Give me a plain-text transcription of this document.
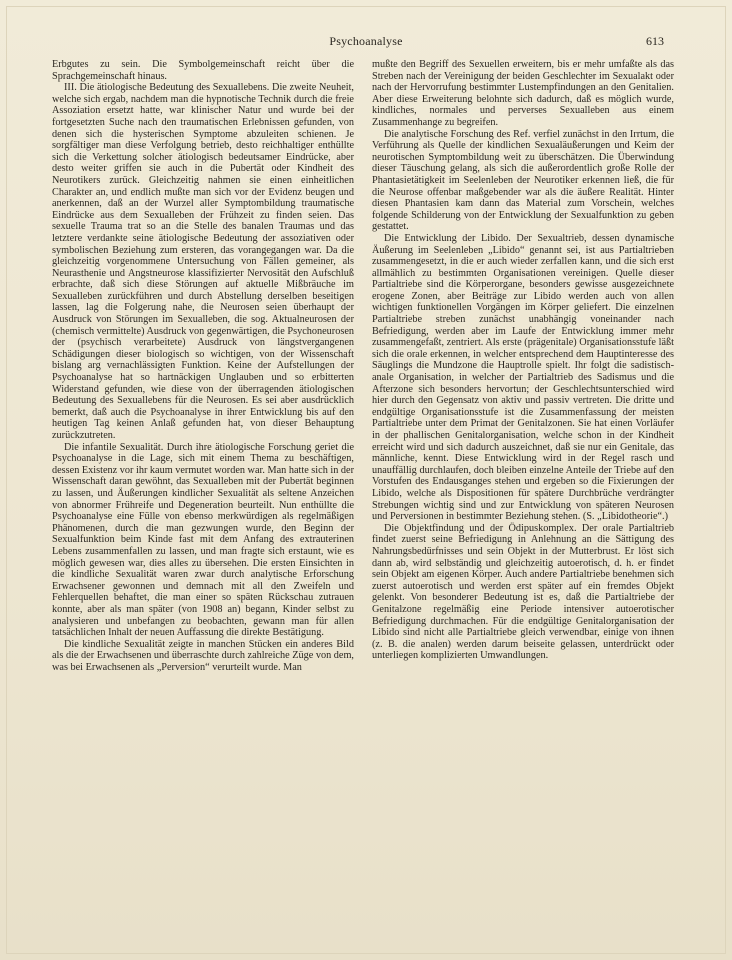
Psychoanalyse	613

Erbgutes zu sein. Die Symbolgemeinschaft reicht über die Sprachgemeinschaft hinaus.

III. Die ätiologische Bedeutung des Sexuallebens. Die zweite Neuheit, welche sich ergab, nachdem man die hypnotische Technik durch die freie Assoziation ersetzt hatte, war klinischer Natur und wurde bei der fortgesetzten Suche nach den traumatischen Erlebnissen gefunden, von denen sich die hysterischen Symptome abzuleiten schienen. Je sorgfältiger man diese Verfolgung betrieb, desto reichhaltiger enthüllte sich die Verkettung solcher ätiologisch bedeutsamer Eindrücke, aber desto weiter griffen sie auch in die Pubertät oder Kindheit des Neurotikers zurück. Gleichzeitig nahmen sie einen einheitlichen Charakter an, und endlich mußte man sich vor der Evidenz beugen und anerkennen, daß an der Wurzel aller Symptombildung traumatische Eindrücke aus dem Sexualleben der Frühzeit zu finden seien. Das sexuelle Trauma trat so an die Stelle des banalen Traumas und das letztere verdankte seine ätiologische Bedeutung der assoziativen oder symbolischen Beziehung zum ersteren, das vorangegangen war. Da die gleichzeitig vorgenommene Untersuchung von Fällen gemeiner, als Neurasthenie und Angstneurose klassifizierter Nervosität den Aufschluß erbrachte, daß sich diese Störungen auf aktuelle Mißbräuche im Sexualleben zurückführen und durch Abstellung derselben beseitigen lassen, lag die Folgerung nahe, die Neurosen seien überhaupt der Ausdruck von Störungen im Sexualleben, die sog. Aktualneurosen der (chemisch vermittelte) Ausdruck von gegenwärtigen, die Psychoneurosen der (psychisch verarbeitete) Ausdruck von längstvergangenen Schädigungen dieser biologisch so wichtigen, von der Wissenschaft bislang arg vernachlässigten Funktion. Keine der Aufstellungen der Psychoanalyse hat so hartnäckigen Unglauben und so erbitterten Widerstand gefunden, wie diese von der überragenden ätiologischen Bedeutung des Sexuallebens für die Neurosen. Es sei aber ausdrücklich bemerkt, daß auch die Psychoanalyse in ihrer Entwicklung bis auf den heutigen Tag keinen Anlaß gefunden hat, von dieser Behauptung zurückzutreten.

Die infantile Sexualität. Durch ihre ätiologische Forschung geriet die Psychoanalyse in die Lage, sich mit einem Thema zu beschäftigen, dessen Existenz vor ihr kaum vermutet worden war. Man hatte sich in der Wissenschaft daran gewöhnt, das Sexualleben mit der Pubertät beginnen zu lassen, und Äußerungen kindlicher Sexualität als seltene Anzeichen von abnormer Frühreife und Degeneration beurteilt. Nun enthüllte die Psychoanalyse eine Fülle von ebenso merkwürdigen als regelmäßigen Phänomenen, durch die man gezwungen wurde, den Beginn der Sexualfunktion beim Kinde fast mit dem Anfang des extrauterinen Lebens zusammenfallen zu lassen, und man fragte sich erstaunt, wie es möglich gewesen war, dies alles zu übersehen. Die ersten Einsichten in die kindliche Sexualität waren zwar durch analytische Erforschung Erwachsener gewonnen und demnach mit all den Zweifeln und Fehlerquellen behaftet, die man einer so späten Rückschau zutrauen konnte, aber als man später (von 1908 an) begann, Kinder selbst zu analysieren und unbefangen zu beobachten, gewann man für allen tatsächlichen Inhalt der neuen Auffassung die direkte Bestätigung.

Die kindliche Sexualität zeigte in manchen Stücken ein anderes Bild als die der Erwachsenen und überraschte durch zahlreiche Züge von dem, was bei Erwachsenen als „Perversion“ verurteilt wurde. Man

mußte den Begriff des Sexuellen erweitern, bis er mehr umfaßte als das Streben nach der Vereinigung der beiden Geschlechter im Sexualakt oder nach der Hervorrufung bestimmter Lustempfindungen an den Genitalien. Aber diese Erweiterung belohnte sich dadurch, daß es möglich wurde, kindliches, normales und perverses Sexualleben aus einem Zusammenhange zu begreifen.

Die analytische Forschung des Ref. verfiel zunächst in den Irrtum, die Verführung als Quelle der kindlichen Sexualäußerungen und Keim der neurotischen Symptombildung weit zu überschätzen. Die Überwindung dieser Täuschung gelang, als sich die außerordentlich große Rolle der Phantasietätigkeit im Seelenleben der Neurotiker erkennen ließ, die für die Neurose offenbar maßgebender war als die äußere Realität. Hinter diesen Phantasien kam dann das Material zum Vorschein, welches folgende Schilderung von der Entwicklung der Sexualfunktion zu geben gestattet.

Die Entwicklung der Libido. Der Sexualtrieb, dessen dynamische Äußerung im Seelenleben „Libido“ genannt sei, ist aus Partialtrieben zusammengesetzt, in die er auch wieder zerfallen kann, und die sich erst allmählich zu bestimmten Organisationen vereinigen. Quelle dieser Partialtriebe sind die Körperorgane, besonders gewisse ausgezeichnete erogene Zonen, aber Beiträge zur Libido werden auch von allen wichtigen funktionellen Vorgängen im Körper geliefert. Die einzelnen Partialtriebe streben zunächst unabhängig voneinander nach Befriedigung, werden aber im Laufe der Entwicklung immer mehr zusammengefaßt, zentriert. Als erste (prägenitale) Organisationsstufe läßt sich die orale erkennen, in welcher entsprechend dem Hauptinteresse des Säuglings die Mundzone die Hauptrolle spielt. Ihr folgt die sadistisch-anale Organisation, in welcher der Partialtrieb des Sadismus und die Afterzone sich besonders hervortun; der Geschlechtsunterschied wird hier durch den Gegensatz von aktiv und passiv vertreten. Die dritte und endgültige Organisationsstufe ist die Zusammenfassung der meisten Partialtriebe unter dem Primat der Genitalzonen. Sie hat einen Vorläufer in der phallischen Genitalorganisation, welche schon in der Kindheit erreicht wird und sich dadurch auszeichnet, daß sie nur ein Genitale, das männliche, kennt. Diese Entwicklung wird in der Regel rasch und unauffällig durchlaufen, doch bleiben einzelne Anteile der Triebe auf den Vorstufen des Endausganges stehen und ergeben so die Fixierungen der Libido, welche als Dispositionen für spätere Durchbrüche verdrängter Strebungen wichtig sind und zur Entwicklung von späteren Neurosen und Perversionen in bestimmter Beziehung stehen. (S. „Libidotheorie“.)

Die Objektfindung und der Ödipuskomplex. Der orale Partialtrieb findet zuerst seine Befriedigung in Anlehnung an die Sättigung des Nahrungsbedürfnisses und sein Objekt in der Mutterbrust. Er löst sich dann ab, wird selbständig und gleichzeitig autoerotisch, d. h. er findet sein Objekt am eigenen Körper. Auch andere Partialtriebe benehmen sich zuerst autoerotisch und werden erst später auf ein fremdes Objekt gelenkt. Von besonderer Bedeutung ist es, daß die Partialtriebe der Genitalzone regelmäßig eine Periode intensiver autoerotischer Befriedigung durchmachen. Für die endgültige Genitalorganisation der Libido sind nicht alle Partialtriebe gleich verwendbar, einige von ihnen (z. B. die analen) werden darum beiseite gelassen, unterdrückt oder unterliegen komplizierten Umwandlungen.
